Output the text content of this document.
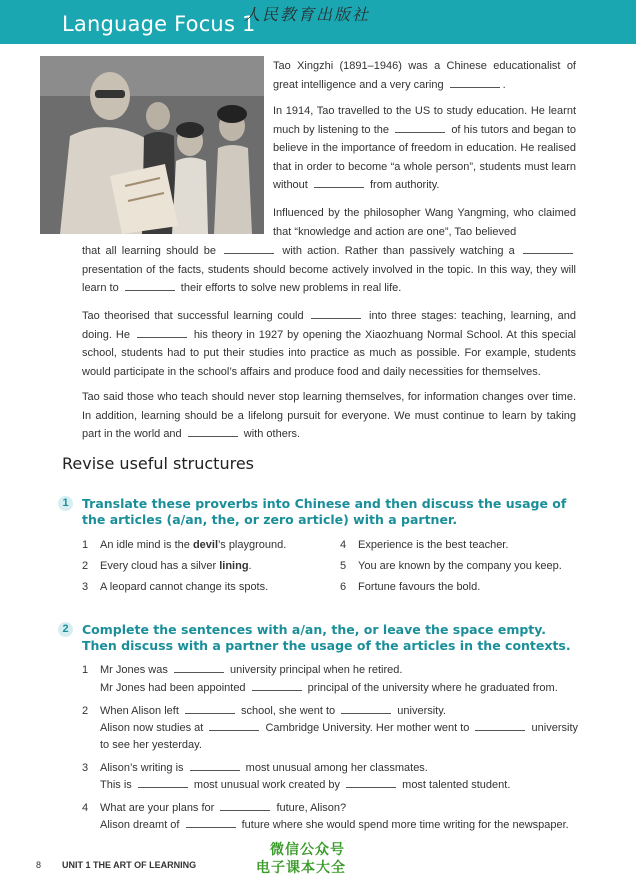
Language Focus 1
人民教育出版社

Tao Xingzhi (1891–1946) was a Chinese educationalist of great intelligence and a very caring	.

In 1914, Tao travelled to the US to study education. He learnt much by listening to the	of his tutors and began to believe in the importance of freedom in education. He realised that in order to become “a whole person”, students must learn without	from authority.

Influenced by the philosopher Wang Yangming, who claimed that “knowledge and action are one”, Tao believed

that all learning should be	with action. Rather than passively watching a  presentation of the facts, students should become actively involved in the topic. In this way, they will learn to	their efforts to solve new problems in real life.

Tao theorised that successful learning could	into three stages: teaching, learning, and doing. He	his theory in 1927 by opening the Xiaozhuang Normal School. At this special school, students had to put their studies into practice as much as possible. For example, students would participate in the school’s affairs and produce food and daily necessities for themselves.

Tao said those who teach should never stop learning themselves, for information changes over time. In addition, learning should be a lifelong pursuit for everyone. We must continue to learn by taking part in the world and	with others.

Revise useful structures
1	Translate these proverbs into Chinese and then discuss the usage of the articles (a/an, the, or zero article) with a partner.
1 An idle mind is the devil’s playground.
2 Every cloud has a silver lining.
3 A leopard cannot change its spots.
4 Experience is the best teacher.
5 You are known by the company you keep.
6 Fortune favours the bold.
2	Complete the sentences with a/an, the, or leave the space empty. Then discuss with a partner the usage of the articles in the contexts.
1 Mr Jones was	university principal when he retired.
Mr Jones had been appointed	principal of the university where he graduated from.
2 When Alison left	school, she went to	university.
Alison now studies at	Cambridge University. Her mother went to	university
to see her yesterday.
3 Alison’s writing is	most unusual among her classmates.
This is	most unusual work created by	most talented student.
4 What are your plans for	future, Alison?
Alison dreamt of	future where she would spend more time writing for the newspaper.
8 UNIT 1 THE ART OF LEARNING
微信公众号
电子课本大全
